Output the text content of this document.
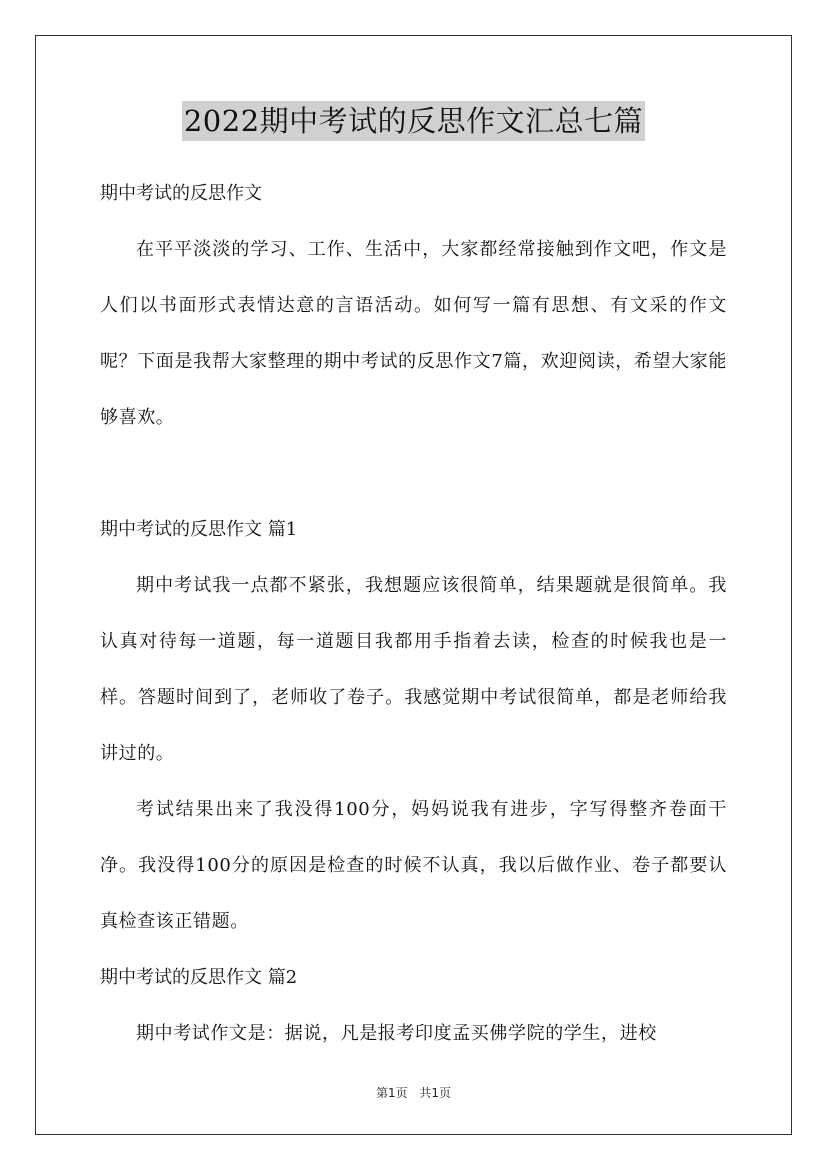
2022期中考试的反思作文汇总七篇
期中考试的反思作文

在平平淡淡的学习、工作、生活中，大家都经常接触到作文吧，作文是人们以书面形式表情达意的言语活动。如何写一篇有思想、有文采的作文呢？下面是我帮大家整理的期中考试的反思作文7篇，欢迎阅读，希望大家能够喜欢。

期中考试的反思作文 篇1

期中考试我一点都不紧张，我想题应该很简单，结果题就是很简单。我认真对待每一道题，每一道题目我都用手指着去读，检查的时候我也是一样。答题时间到了，老师收了卷子。我感觉期中考试很简单，都是老师给我讲过的。

考试结果出来了我没得100分，妈妈说我有进步，字写得整齐卷面干净。我没得100分的原因是检查的时候不认真，我以后做作业、卷子都要认真检查该正错题。

期中考试的反思作文 篇2

期中考试作文是：据说，凡是报考印度孟买佛学院的学生，进校

第1页 共1页
